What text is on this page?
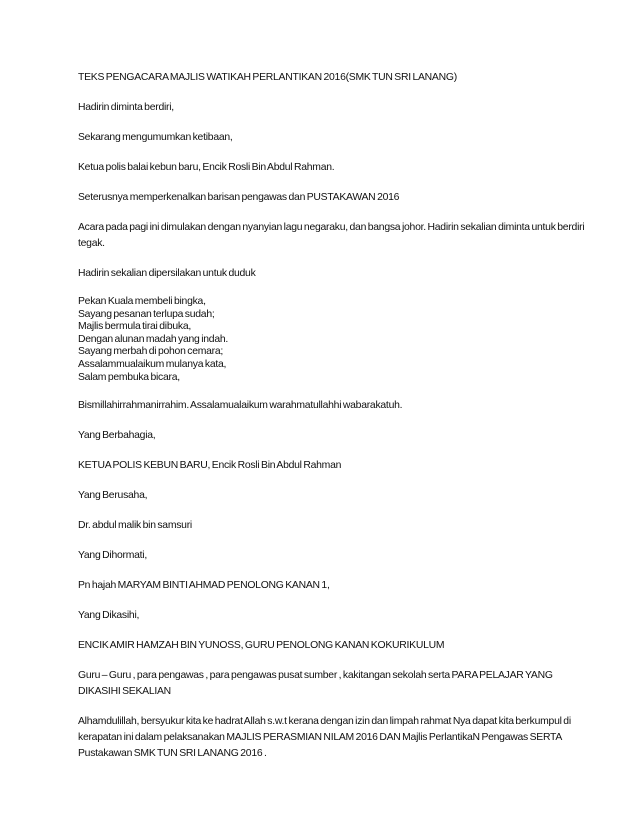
TEKS PENGACARA MAJLIS WATIKAH PERLANTIKAN 2016(SMK TUN SRI LANANG)

Hadirin diminta berdiri,

Sekarang mengumumkan ketibaan,

Ketua polis balai kebun baru, Encik Rosli Bin Abdul Rahman.

Seterusnya memperkenalkan barisan pengawas dan PUSTAKAWAN 2016

Acara pada pagi ini dimulakan dengan nyanyian lagu negaraku, dan bangsa johor. Hadirin sekalian diminta untuk berdiri tegak.

Hadirin sekalian dipersilakan untuk duduk

Pekan Kuala membeli bingka,
Sayang pesanan terlupa sudah;
Majlis bermula tirai dibuka,
Dengan alunan madah yang indah.
Sayang merbah di pohon cemara;
Assalammualaikum mulanya kata,
Salam pembuka bicara,

Bismillahirrahmanirrahim. Assalamualaikum warahmatullahhi wabarakatuh.

Yang Berbahagia,

KETUA POLIS KEBUN BARU, Encik Rosli Bin Abdul Rahman

Yang Berusaha,

Dr. abdul malik bin samsuri

Yang Dihormati,

Pn hajah MARYAM BINTI AHMAD PENOLONG KANAN 1,

Yang Dikasihi,

ENCIK AMIR HAMZAH BIN YUNOSS, GURU PENOLONG KANAN KOKURIKULUM

Guru – Guru , para pengawas , para pengawas pusat sumber , kakitangan sekolah serta PARA PELAJAR YANG DIKASIHI SEKALIAN

Alhamdulillah, bersyukur kita ke hadrat Allah s.w.t kerana dengan izin dan limpah rahmat Nya dapat kita berkumpul di kerapatan ini dalam pelaksanakan MAJLIS PERASMIAN NILAM 2016 DAN Majlis PerlantikaN Pengawas SERTA Pustakawan SMK TUN SRI LANANG 2016 .
